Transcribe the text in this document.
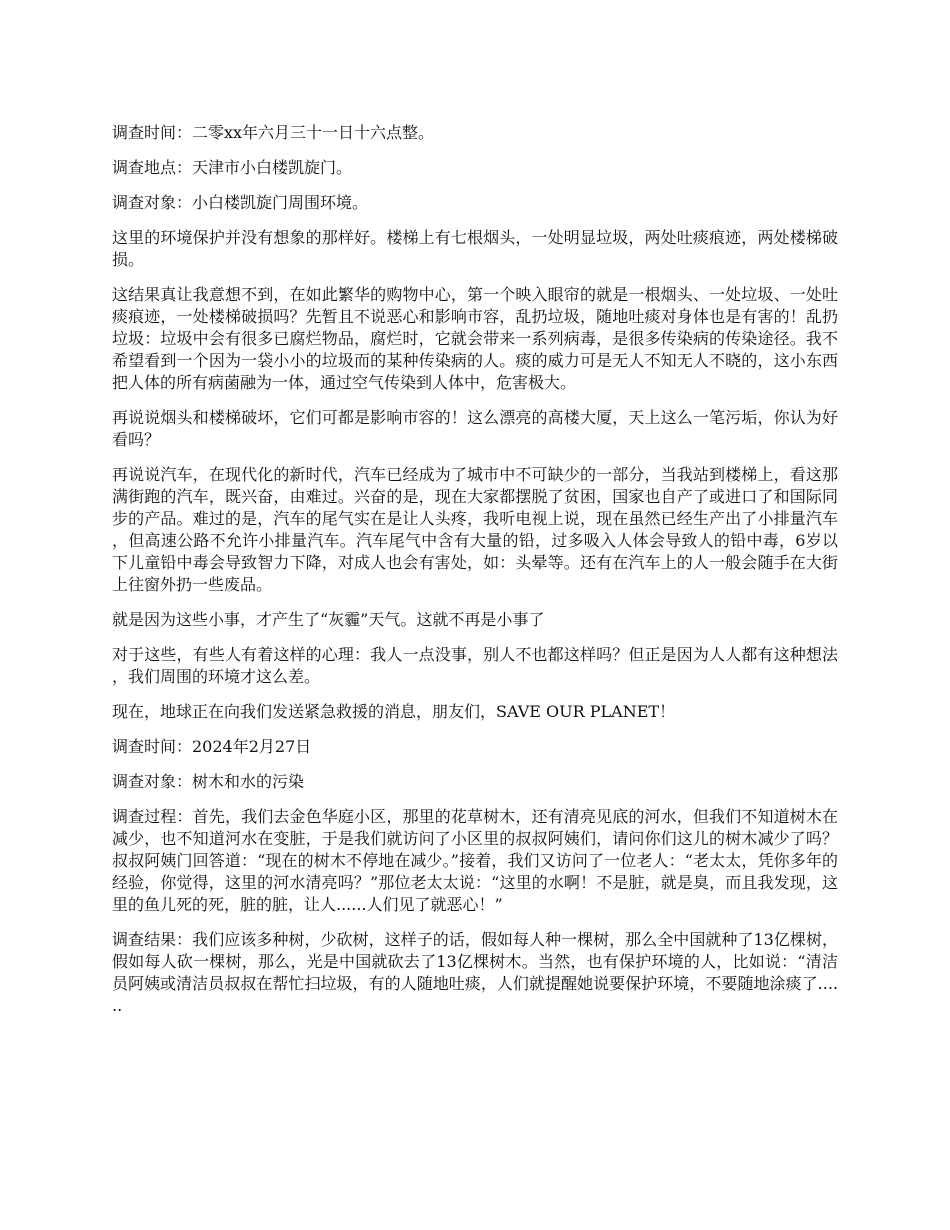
调查时间：二零xx年六月三十一日十六点整。

调查地点：天津市小白楼凯旋门。

调查对象：小白楼凯旋门周围环境。

这里的环境保护并没有想象的那样好。楼梯上有七根烟头，一处明显垃圾，两处吐痰痕迹，两处楼梯破损。

这结果真让我意想不到，在如此繁华的购物中心，第一个映入眼帘的就是一根烟头、一处垃圾、一处吐痰痕迹，一处楼梯破损吗？先暂且不说恶心和影响市容，乱扔垃圾，随地吐痰对身体也是有害的！乱扔垃圾：垃圾中会有很多已腐烂物品，腐烂时，它就会带来一系列病毒，是很多传染病的传染途径。我不希望看到一个因为一袋小小的垃圾而的某种传染病的人。痰的威力可是无人不知无人不晓的，这小东西把人体的所有病菌融为一体，通过空气传染到人体中，危害极大。

再说说烟头和楼梯破坏，它们可都是影响市容的！这么漂亮的高楼大厦，天上这么一笔污垢，你认为好看吗？

再说说汽车，在现代化的新时代，汽车已经成为了城市中不可缺少的一部分，当我站到楼梯上，看这那满街跑的汽车，既兴奋，由难过。兴奋的是，现在大家都摆脱了贫困，国家也自产了或进口了和国际同步的产品。难过的是，汽车的尾气实在是让人头疼，我听电视上说，现在虽然已经生产出了小排量汽车，但高速公路不允许小排量汽车。汽车尾气中含有大量的铅，过多吸入人体会导致人的铅中毒，6岁以下儿童铅中毒会导致智力下降，对成人也会有害处，如：头晕等。还有在汽车上的人一般会随手在大街上往窗外扔一些废品。

就是因为这些小事，才产生了“灰霾”天气。这就不再是小事了

对于这些，有些人有着这样的心理：我人一点没事，别人不也都这样吗？但正是因为人人都有这种想法，我们周围的环境才这么差。

现在，地球正在向我们发送紧急救援的消息，朋友们，SAVE OUR PLANET！

调查时间：2024年2月27日

调查对象：树木和水的污染

调查过程：首先，我们去金色华庭小区，那里的花草树木，还有清亮见底的河水，但我们不知道树木在减少，也不知道河水在变脏，于是我们就访问了小区里的叔叔阿姨们，请问你们这儿的树木减少了吗？叔叔阿姨门回答道：“现在的树木不停地在减少。”接着，我们又访问了一位老人：“老太太，凭你多年的经验，你觉得，这里的河水清亮吗？”那位老太太说：“这里的水啊！不是脏，就是臭，而且我发现，这里的鱼儿死的死，脏的脏，让人......人们见了就恶心！”

调查结果：我们应该多种树，少砍树，这样子的话，假如每人种一棵树，那么全中国就种了13亿棵树，假如每人砍一棵树，那么，光是中国就砍去了13亿棵树木。当然，也有保护环境的人，比如说：“清洁员阿姨或清洁员叔叔在帮忙扫垃圾，有的人随地吐痰，人们就提醒她说要保护环境，不要随地涂痰了......
